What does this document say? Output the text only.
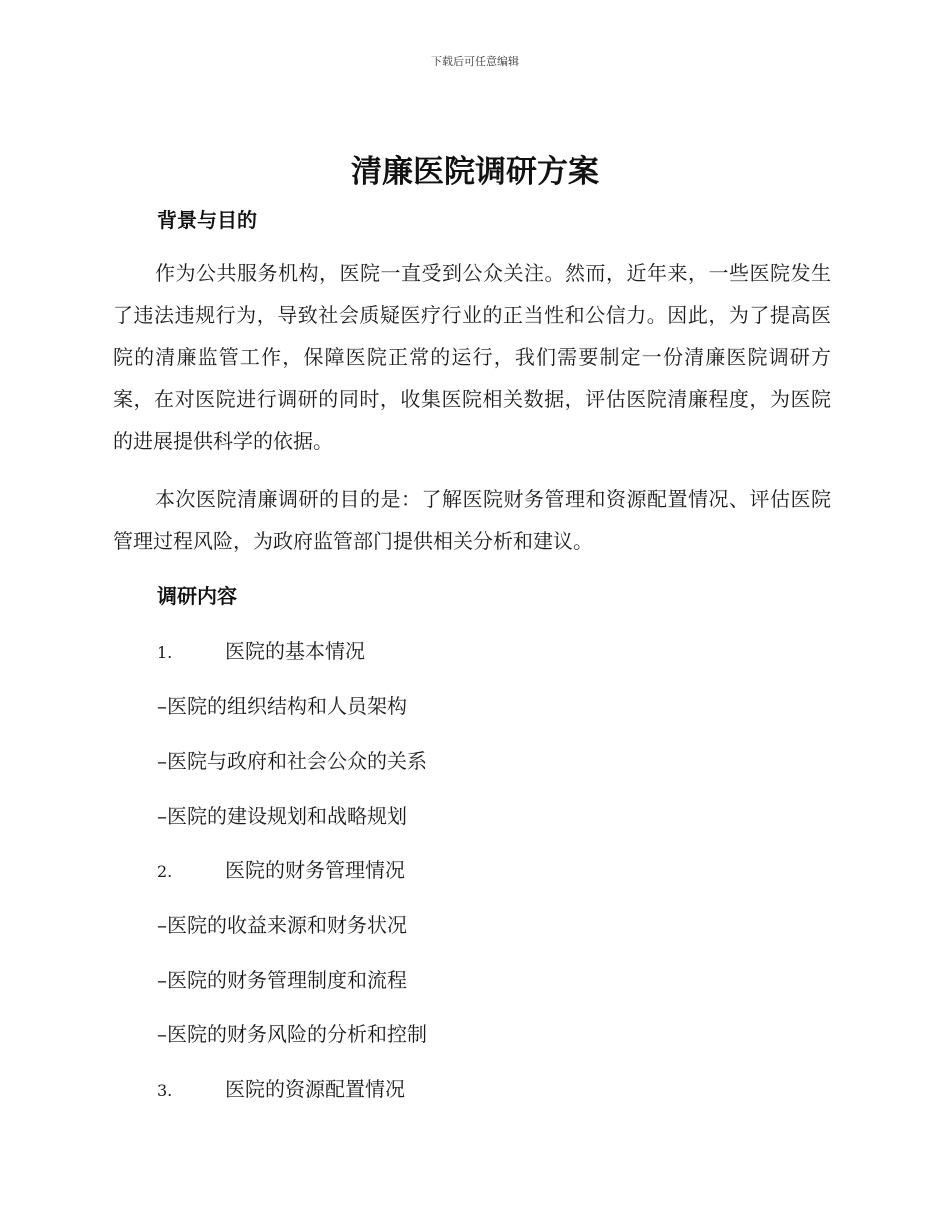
下载后可任意编辑
清廉医院调研方案
背景与目的

作为公共服务机构，医院一直受到公众关注。然而，近年来，一些医院发生了违法违规行为，导致社会质疑医疗行业的正当性和公信力。因此，为了提高医院的清廉监管工作，保障医院正常的运行，我们需要制定一份清廉医院调研方案，在对医院进行调研的同时，收集医院相关数据，评估医院清廉程度，为医院的进展提供科学的依据。

本次医院清廉调研的目的是：了解医院财务管理和资源配置情况、评估医院管理过程风险，为政府监管部门提供相关分析和建议。

调研内容
1.	医院的基本情况
–医院的组织结构和人员架构
–医院与政府和社会公众的关系
–医院的建设规划和战略规划
2.	医院的财务管理情况
–医院的收益来源和财务状况
–医院的财务管理制度和流程
–医院的财务风险的分析和控制
3.	医院的资源配置情况
